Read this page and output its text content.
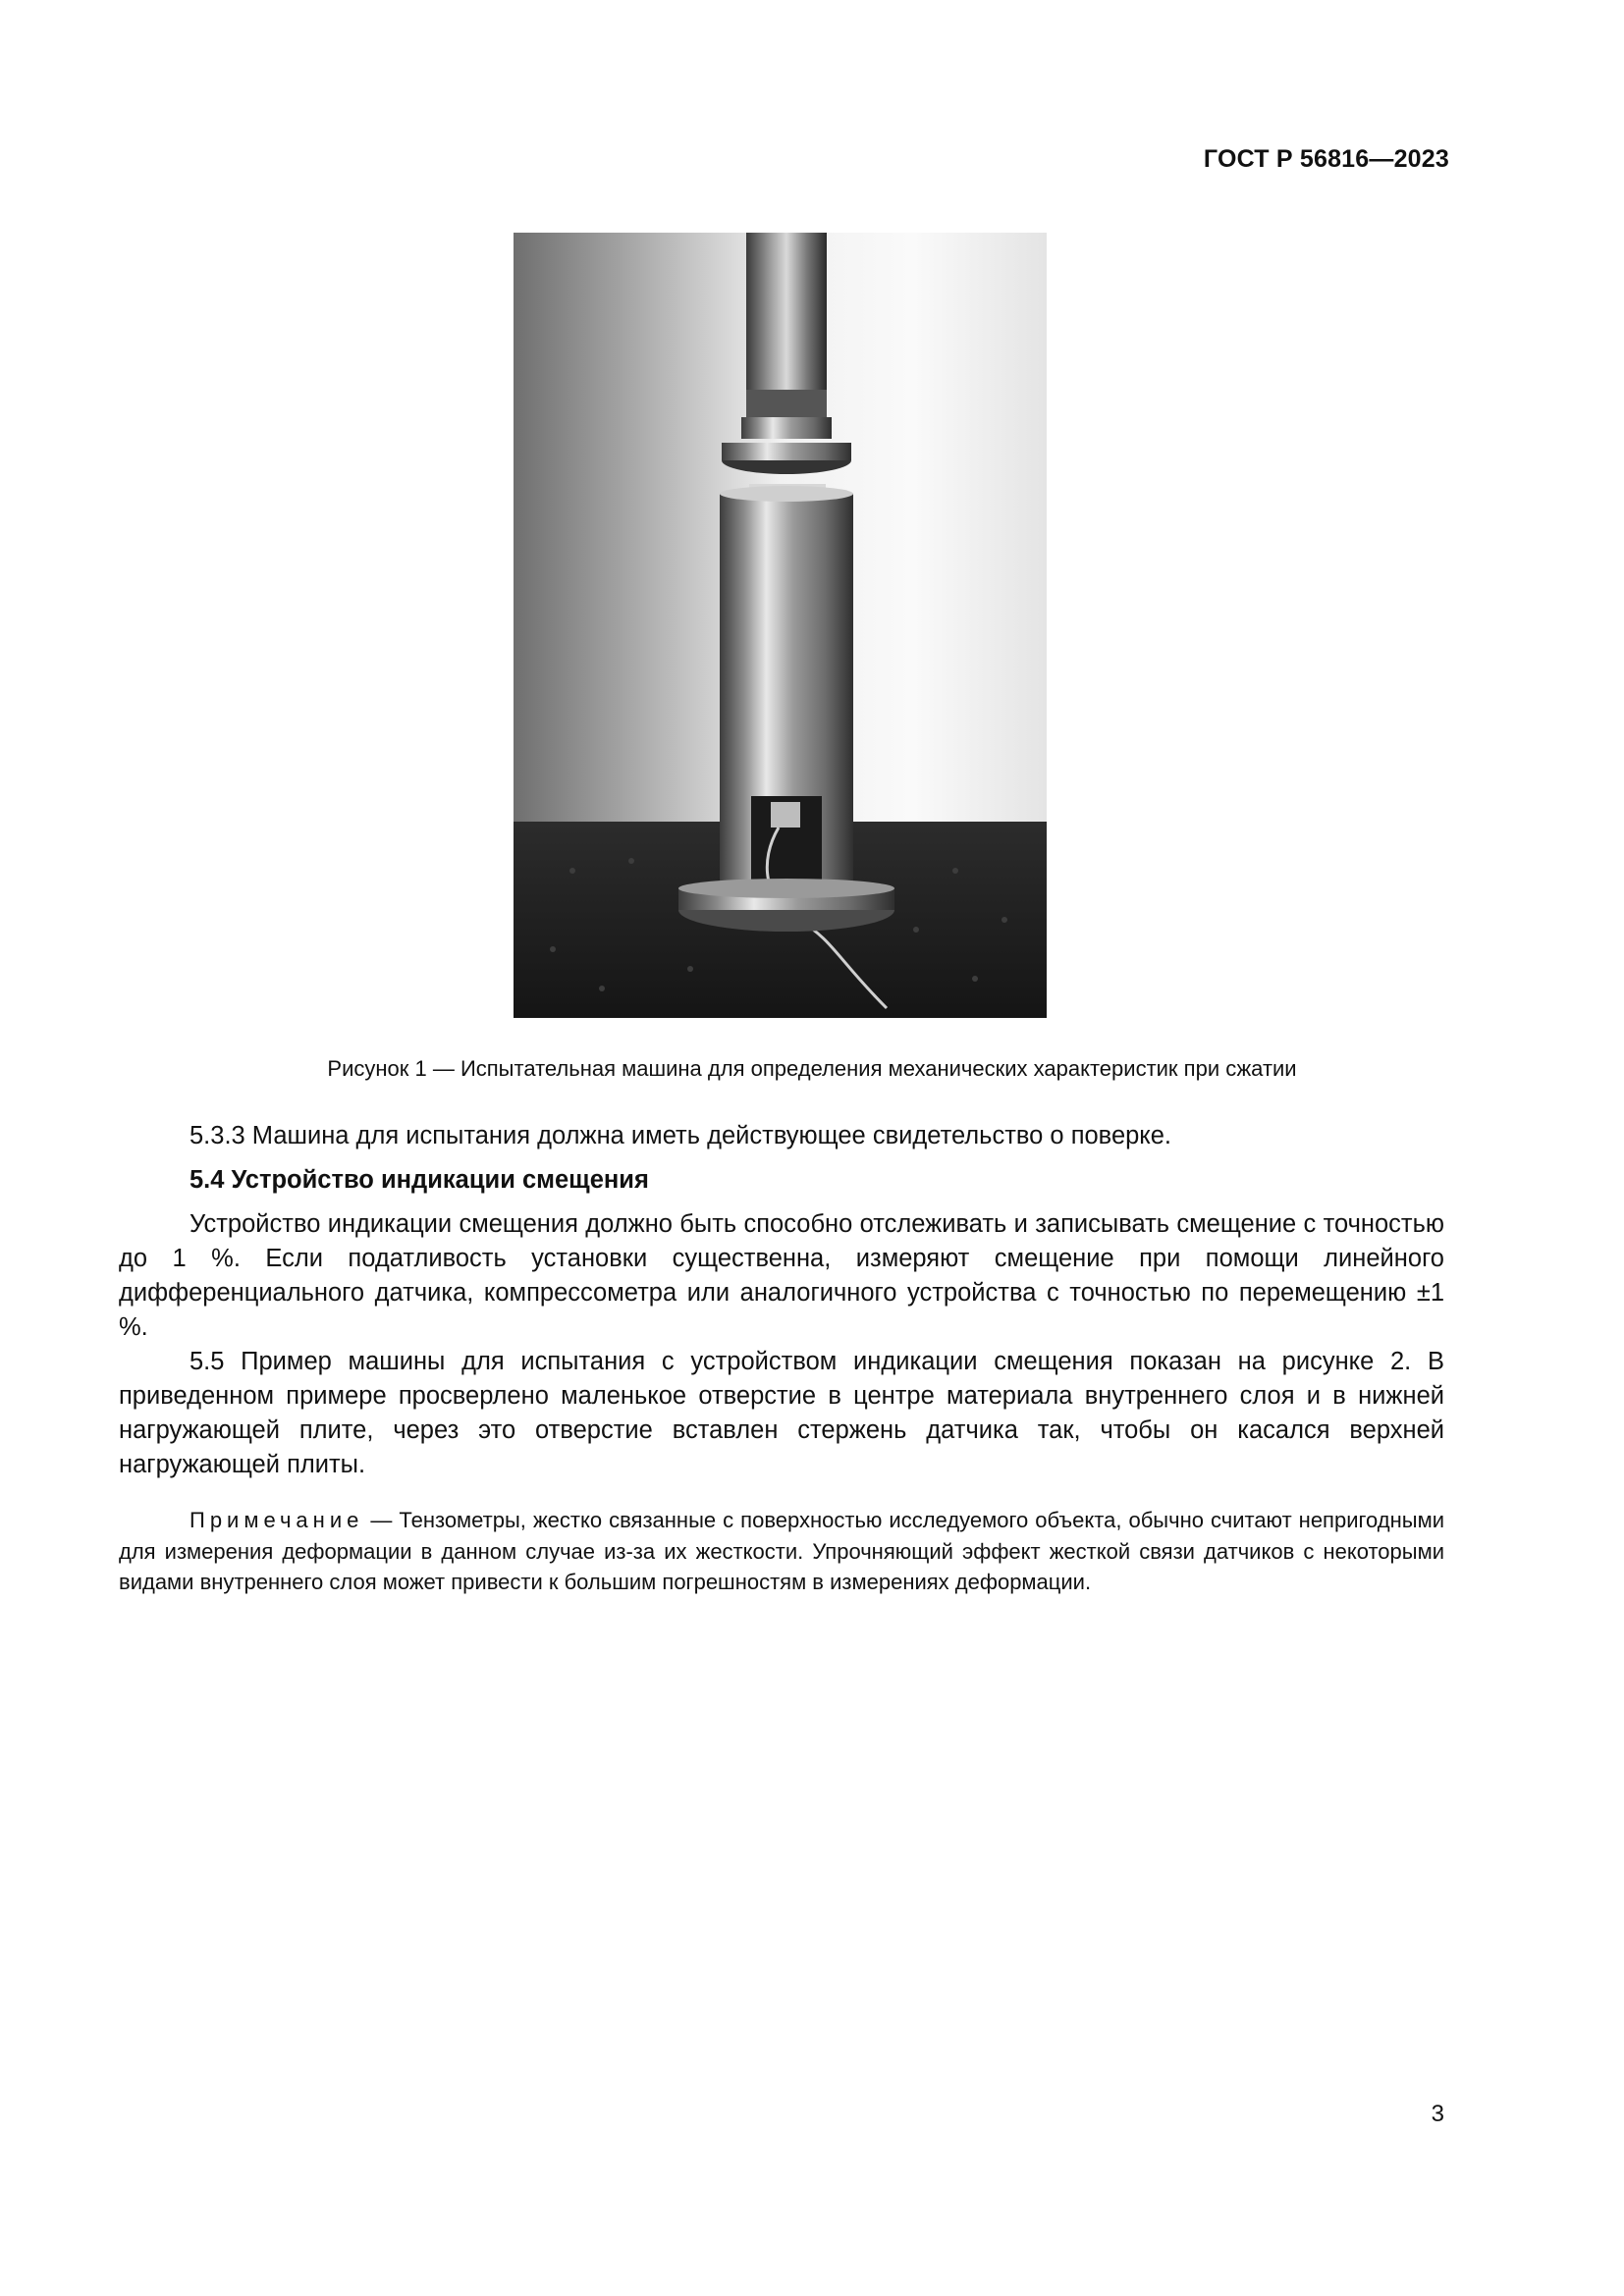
ГОСТ Р 56816—2023
Рисунок 1 — Испытательная машина для определения механических характеристик при сжатии

5.3.3 Машина для испытания должна иметь действующее свидетельство о поверке.

5.4 Устройство индикации смещения

Устройство индикации смещения должно быть способно отслеживать и записывать смещение с точностью до 1 %. Если податливость установки существенна, измеряют смещение при помощи линейного дифференциального датчика, компрессометра или аналогичного устройства с точностью по перемещению ±1 %.

5.5 Пример машины для испытания с устройством индикации смещения показан на рисунке 2. В приведенном примере просверлено маленькое отверстие в центре материала внутреннего слоя и в нижней нагружающей плите, через это отверстие вставлен стержень датчика так, чтобы он касался верхней нагружающей плиты.

Примечание — Тензометры, жестко связанные с поверхностью исследуемого объекта, обычно считают непригодными для измерения деформации в данном случае из-за их жесткости. Упрочняющий эффект жесткой связи датчиков с некоторыми видами внутреннего слоя может привести к большим погрешностям в измерениях деформации.

3
